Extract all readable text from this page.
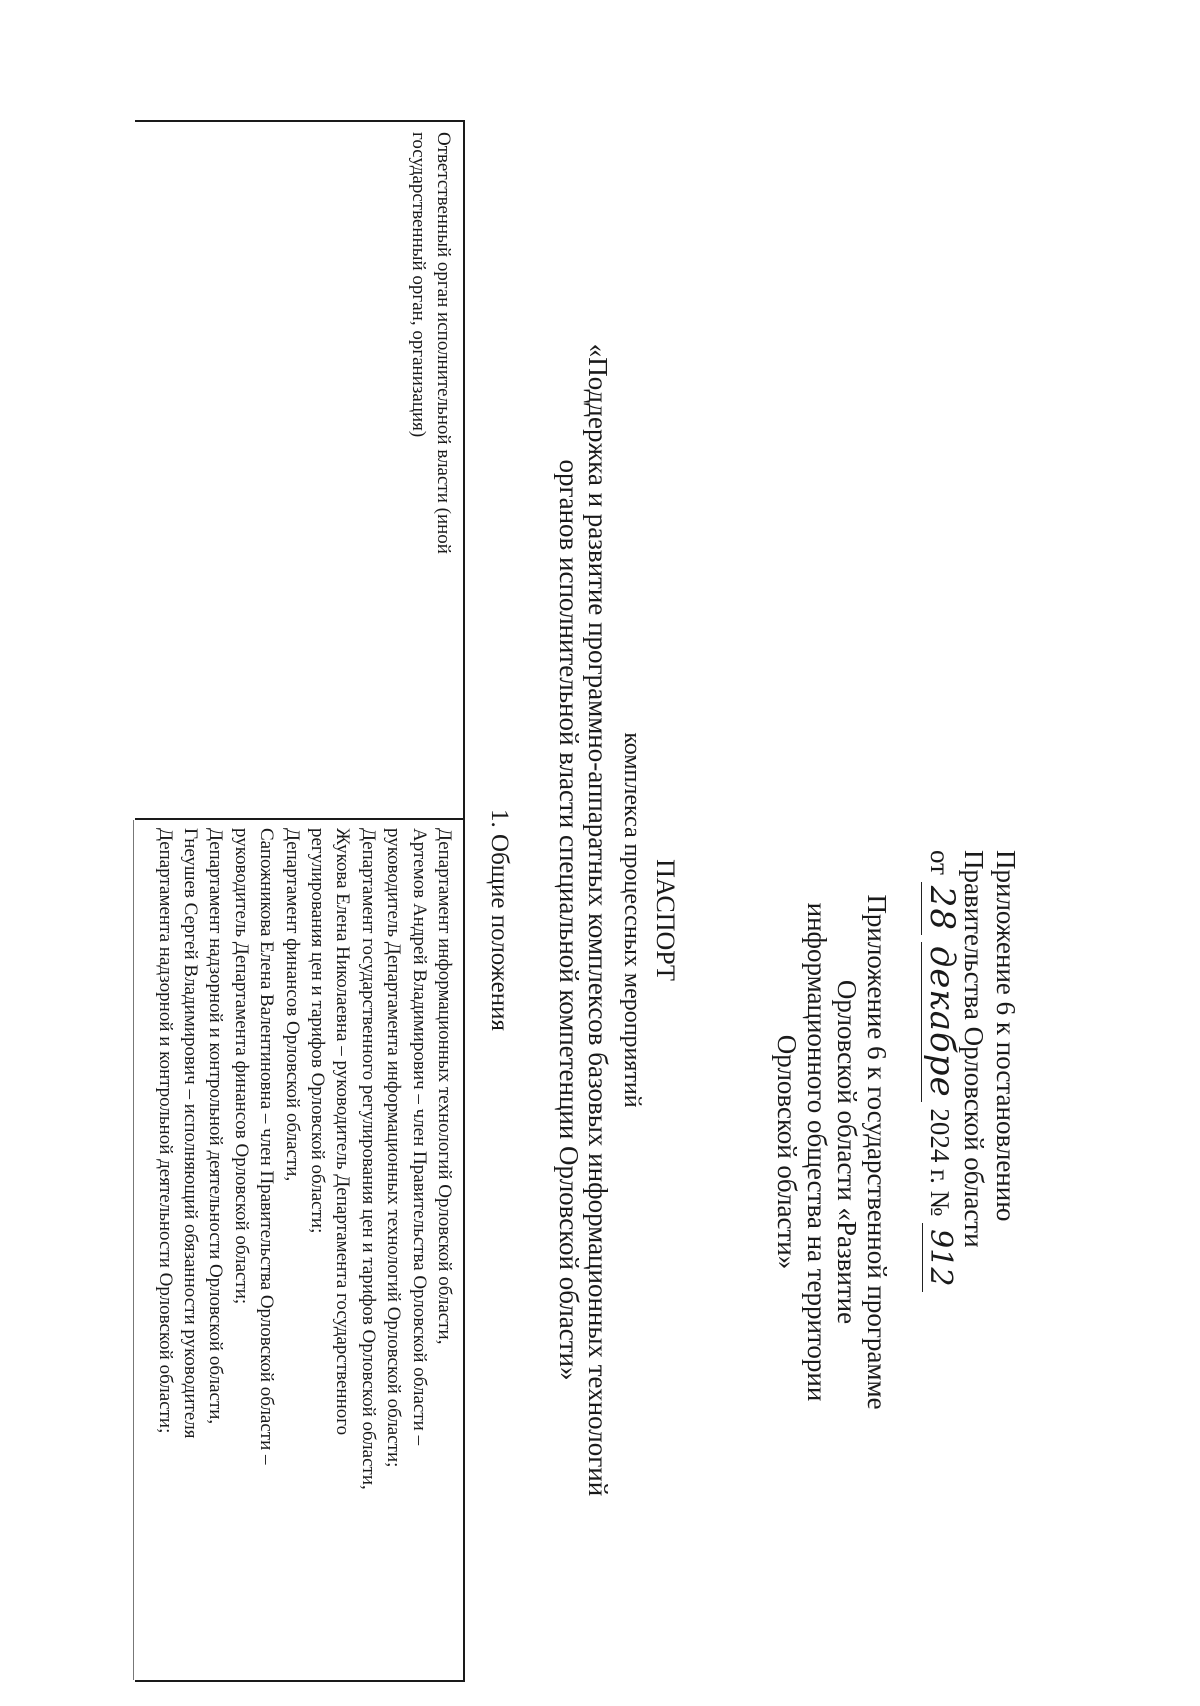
Приложение 6 к постановлению
Правительства Орловской области
от 28 декабре 2024 г. № 912
Приложение 6 к государственной программе
Орловской области «Развитие
информационного общества на территории
Орловской области»
ПАСПОРТ
комплекса процессных мероприятий
«Поддержка и развитие программно-аппаратных комплексов базовых информационных технологий
органов исполнительной власти специальной компетенции Орловской области»
1. Общие положения
Ответственный орган исполнительной власти (иной
государственный орган, организация)
Департамент информационных технологий Орловской области,
Артемов Андрей Владимирович – член Правительства Орловской области –
руководитель Департамента информационных технологий Орловской области;
Департамент государственного регулирования цен и тарифов Орловской области,
Жукова Елена Николаевна – руководитель Департамента государственного
регулирования цен и тарифов Орловской области;
Департамент финансов Орловской области,
Сапожникова Елена Валентиновна – член Правительства Орловской области –
руководитель Департамента финансов Орловской области;
Департамент надзорной и контрольной деятельности Орловской области,
Гнеушев Сергей Владимирович – исполняющий обязанности руководителя
Департамента надзорной и контрольной деятельности Орловской области;
